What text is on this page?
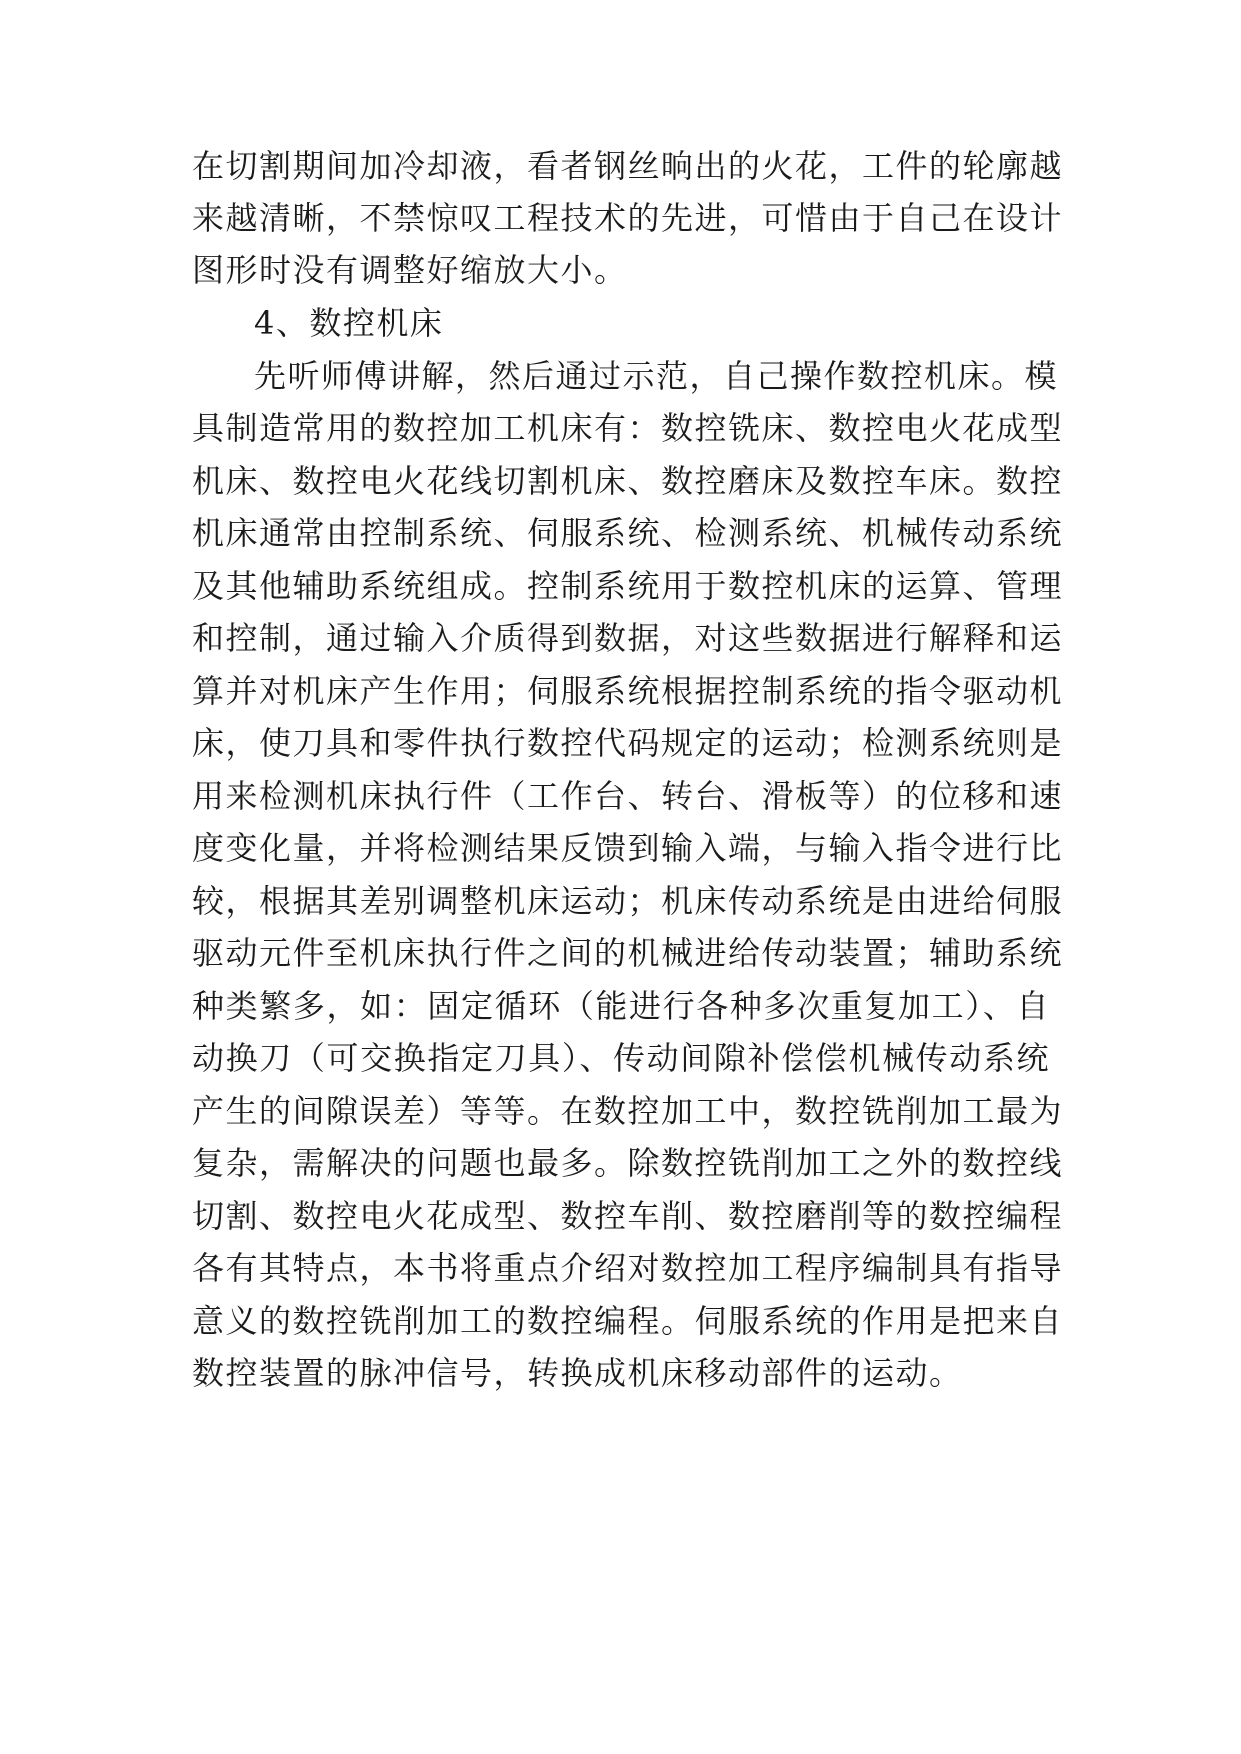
在切割期间加冷却液，看者钢丝晌出的火花，工件的轮廓越
来越清晰，不禁惊叹工程技术的先进，可惜由于自己在设计
图形时没有调整好缩放大小。
4、数控机床
先听师傅讲解，然后通过示范，自己操作数控机床。模
具制造常用的数控加工机床有：数控铣床、数控电火花成型
机床、数控电火花线切割机床、数控磨床及数控车床。数控
机床通常由控制系统、伺服系统、检测系统、机械传动系统
及其他辅助系统组成。控制系统用于数控机床的运算、管理
和控制，通过输入介质得到数据，对这些数据进行解释和运
算并对机床产生作用；伺服系统根据控制系统的指令驱动机
床，使刀具和零件执行数控代码规定的运动；检测系统则是
用来检测机床执行件（工作台、转台、滑板等）的位移和速
度变化量，并将检测结果反馈到输入端，与输入指令进行比
较，根据其差别调整机床运动；机床传动系统是由进给伺服
驱动元件至机床执行件之间的机械进给传动装置；辅助系统
种类繁多，如：固定循环（能进行各种多次重复加工）、自
动换刀（可交换指定刀具）、传动间隙补偿偿机械传动系统
产生的间隙误差）等等。在数控加工中，数控铣削加工最为
复杂，需解决的问题也最多。除数控铣削加工之外的数控线
切割、数控电火花成型、数控车削、数控磨削等的数控编程
各有其特点，本书将重点介绍对数控加工程序编制具有指导
意义的数控铣削加工的数控编程。伺服系统的作用是把来自
数控装置的脉冲信号，转换成机床移动部件的运动。
